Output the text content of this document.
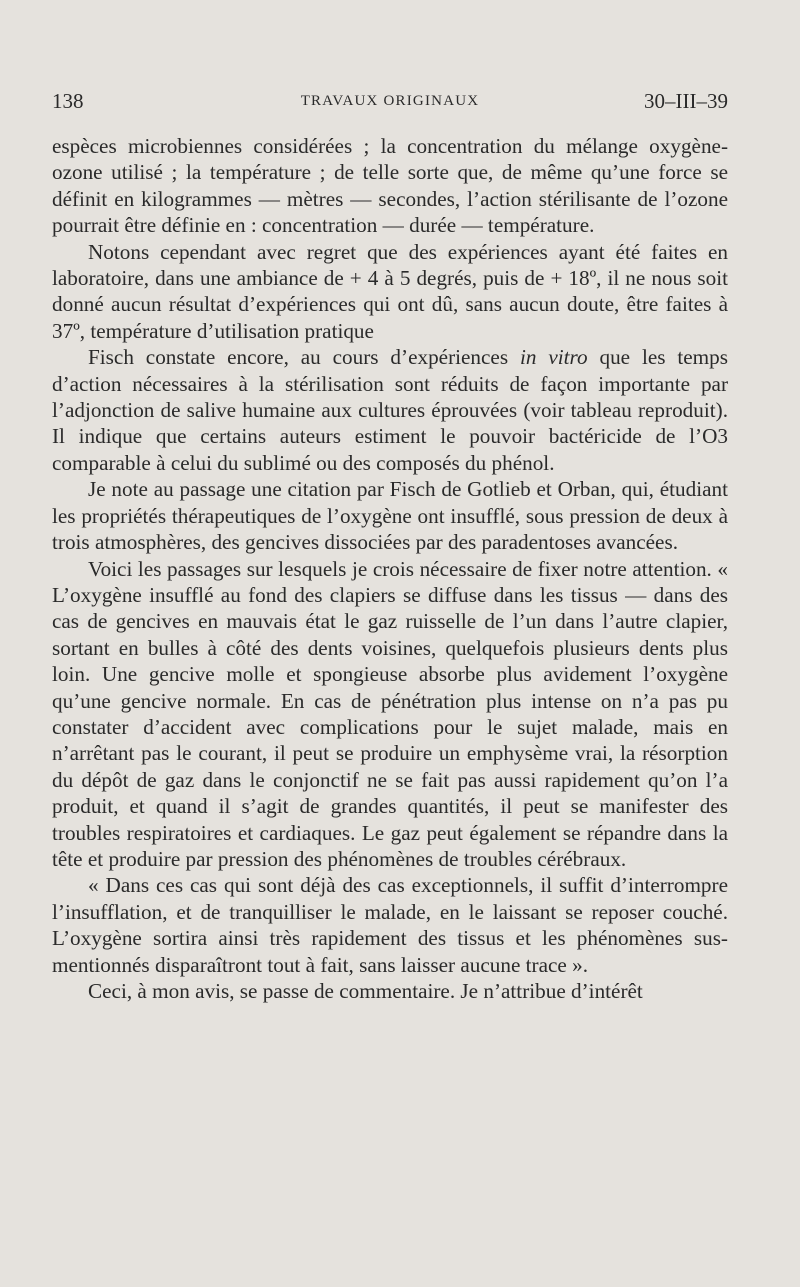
138	TRAVAUX ORIGINAUX	30–III–39

espèces microbiennes considérées ; la concentration du mélange oxygène-ozone utilisé ; la température ; de telle sorte que, de même qu’une force se définit en kilogrammes — mètres — secondes, l’action stérilisante de l’ozone pourrait être définie en : concentration — durée — température.

Notons cependant avec regret que des expériences ayant été faites en laboratoire, dans une ambiance de + 4 à 5 degrés, puis de + 18º, il ne nous soit donné aucun résultat d’expériences qui ont dû, sans aucun doute, être faites à 37º, température d’utilisation pratique

Fisch constate encore, au cours d’expériences in vitro que les temps d’action nécessaires à la stérilisation sont réduits de façon importante par l’adjonction de salive humaine aux cultures éprouvées (voir tableau reproduit). Il indique que certains auteurs estiment le pouvoir bactéricide de l’O3 comparable à celui du sublimé ou des composés du phénol.

Je note au passage une citation par Fisch de Gotlieb et Orban, qui, étudiant les propriétés thérapeutiques de l’oxygène ont insufflé, sous pression de deux à trois atmosphères, des gencives dissociées par des paradentoses avancées.

Voici les passages sur lesquels je crois nécessaire de fixer notre attention. « L’oxygène insufflé au fond des clapiers se diffuse dans les tissus — dans des cas de gencives en mauvais état le gaz ruisselle de l’un dans l’autre clapier, sortant en bulles à côté des dents voisines, quelquefois plusieurs dents plus loin. Une gencive molle et spongieuse absorbe plus avidement l’oxygène qu’une gencive normale. En cas de pénétration plus intense on n’a pas pu constater d’accident avec complications pour le sujet malade, mais en n’arrêtant pas le courant, il peut se produire un emphysème vrai, la résorption du dépôt de gaz dans le conjonctif ne se fait pas aussi rapidement qu’on l’a produit, et quand il s’agit de grandes quantités, il peut se manifester des troubles respiratoires et cardiaques. Le gaz peut également se répandre dans la tête et produire par pression des phénomènes de troubles cérébraux.

« Dans ces cas qui sont déjà des cas exceptionnels, il suffit d’interrompre l’insufflation, et de tranquilliser le malade, en le laissant se reposer couché. L’oxygène sortira ainsi très rapidement des tissus et les phénomènes sus-mentionnés disparaîtront tout à fait, sans laisser aucune trace ».

Ceci, à mon avis, se passe de commentaire. Je n’attribue d’intérêt
